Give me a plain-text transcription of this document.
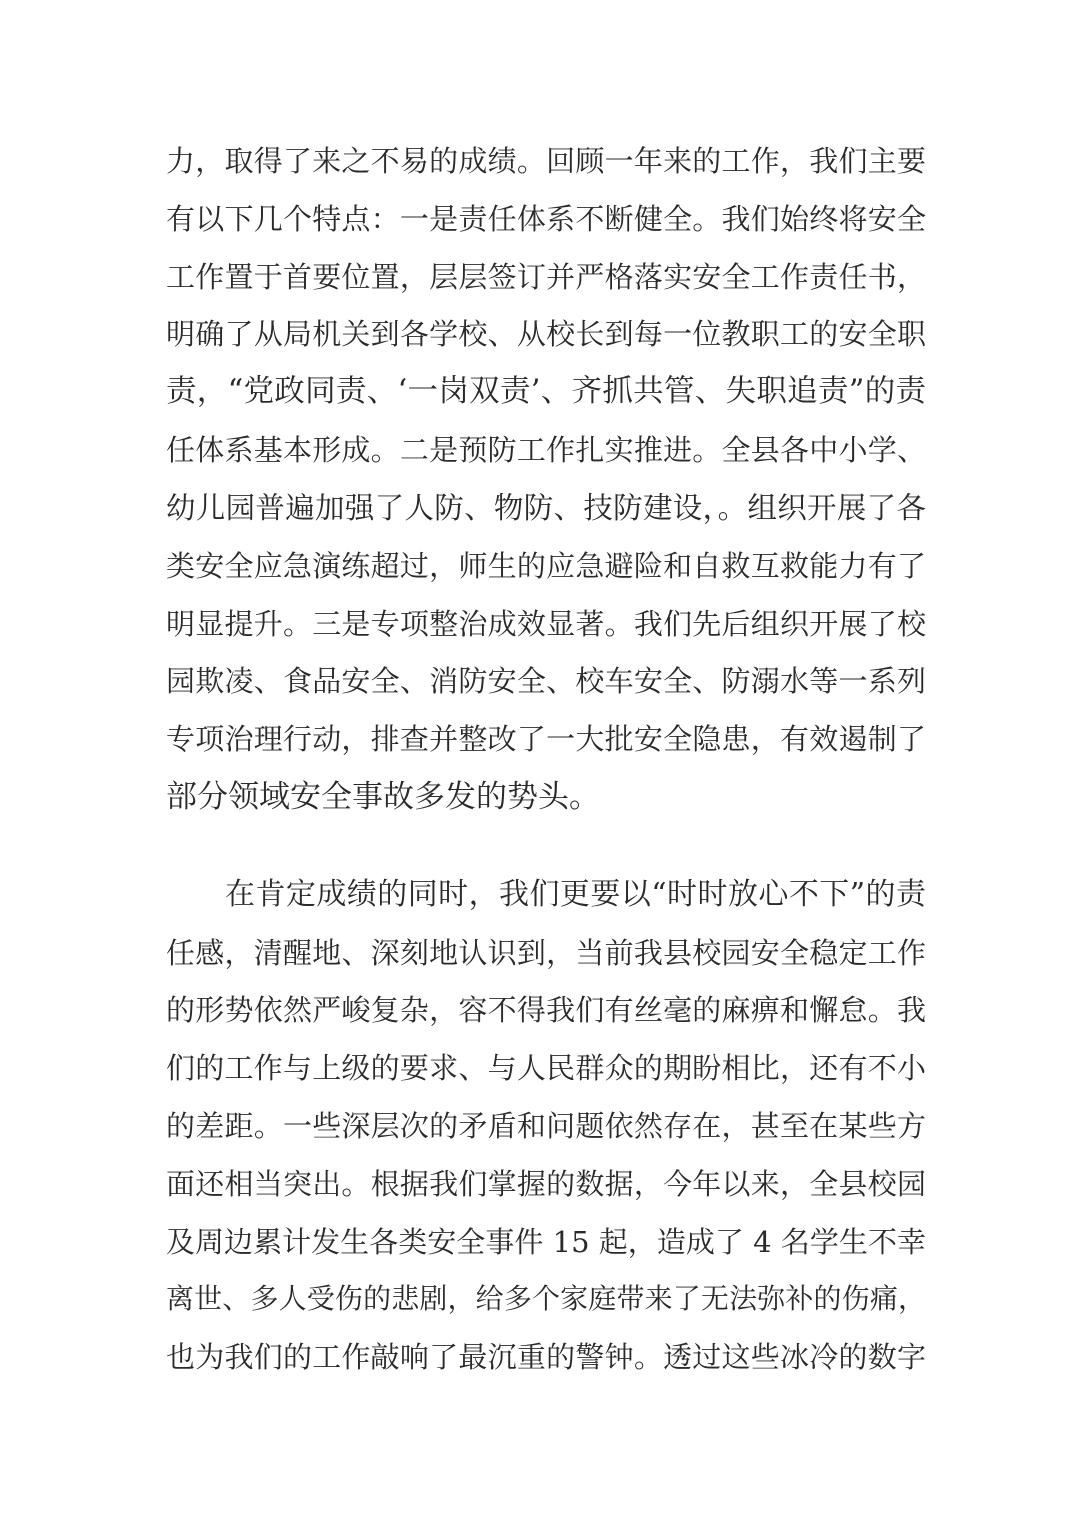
力，取得了来之不易的成绩。回顾一年来的工作，我们主要
有以下几个特点：一是责任体系不断健全。我们始终将安全
工作置于首要位置，层层签订并严格落实安全工作责任书，
明确了从局机关到各学校、从校长到每一位教职工的安全职
责，“党政同责、‘一岗双责’、齐抓共管、失职追责”的责
任体系基本形成。二是预防工作扎实推进。全县各中小学、
幼儿园普遍加强了人防、物防、技防建设，。组织开展了各
类安全应急演练超过，师生的应急避险和自救互救能力有了
明显提升。三是专项整治成效显著。我们先后组织开展了校
园欺凌、食品安全、消防安全、校车安全、防溺水等一系列
专项治理行动，排查并整改了一大批安全隐患，有效遏制了
部分领域安全事故多发的势头。
在肯定成绩的同时，我们更要以“时时放心不下”的责
任感，清醒地、深刻地认识到，当前我县校园安全稳定工作
的形势依然严峻复杂，容不得我们有丝毫的麻痹和懈怠。我
们的工作与上级的要求、与人民群众的期盼相比，还有不小
的差距。一些深层次的矛盾和问题依然存在，甚至在某些方
面还相当突出。根据我们掌握的数据，今年以来，全县校园
及周边累计发生各类安全事件 15 起，造成了 4 名学生不幸
离世、多人受伤的悲剧，给多个家庭带来了无法弥补的伤痛，
也为我们的工作敲响了最沉重的警钟。透过这些冰冷的数字
